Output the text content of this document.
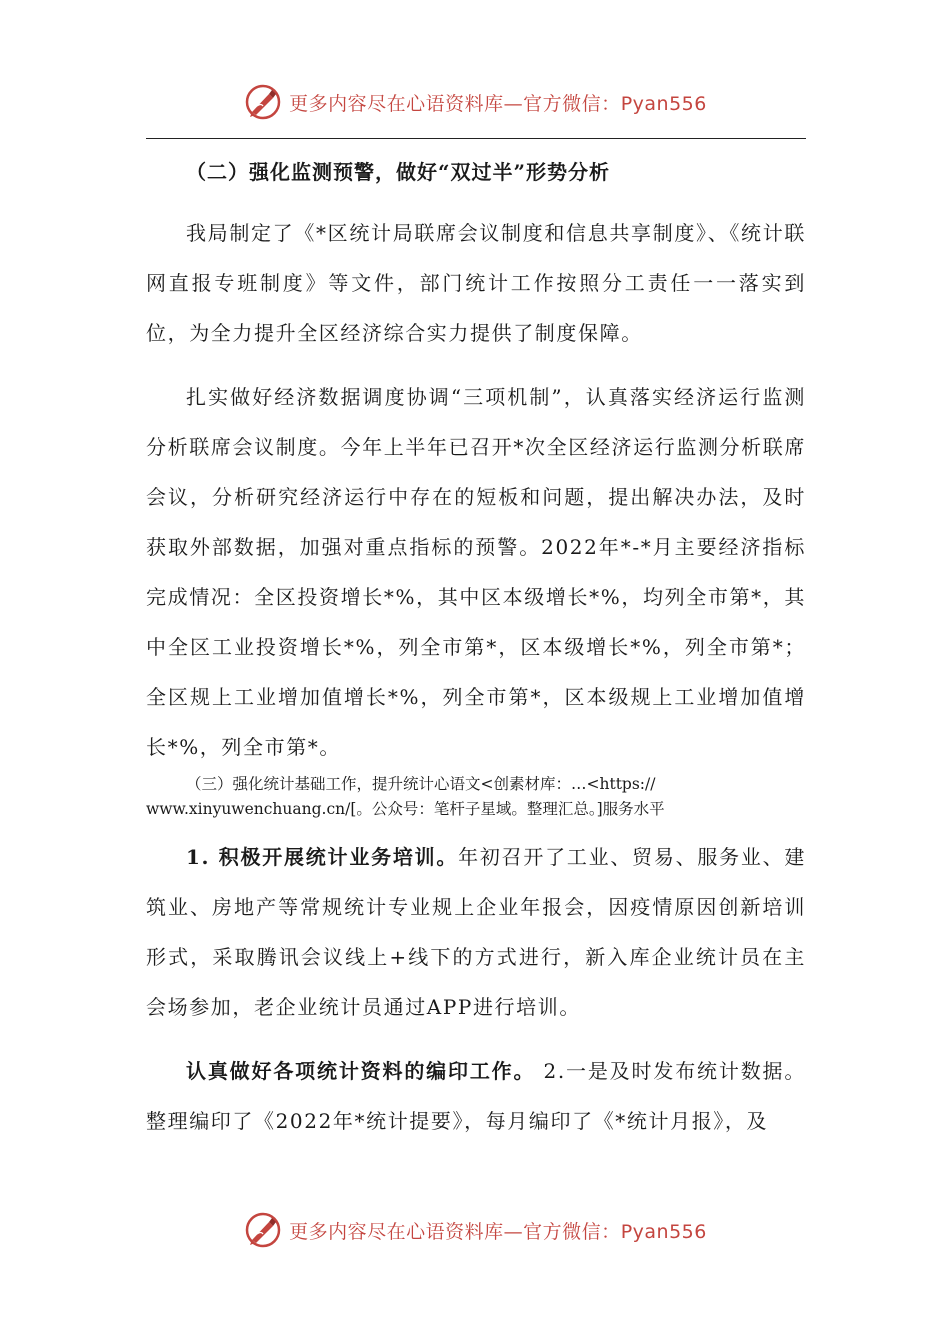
更多内容尽在心语资料库—官方微信：Pyan556

（二）强化监测预警，做好“双过半”形势分析

我局制定了《*区统计局联席会议制度和信息共享制度》、《统计联网直报专班制度》等文件，部门统计工作按照分工责任一一落实到位，为全力提升全区经济综合实力提供了制度保障。

扎实做好经济数据调度协调“三项机制”，认真落实经济运行监测分析联席会议制度。今年上半年已召开*次全区经济运行监测分析联席会议，分析研究经济运行中存在的短板和问题，提出解决办法，及时获取外部数据，加强对重点指标的预警。2022年*-*月主要经济指标完成情况：全区投资增长*%，其中区本级增长*%，均列全市第*，其中全区工业投资增长*%，列全市第*，区本级增长*%，列全市第*；全区规上工业增加值增长*%，列全市第*，区本级规上工业增加值增长*%，列全市第*。

（三）强化统计基础工作，提升统计心语文<创素材库：…<https:// www.xinyuwenchuang.cn/[。公众号：笔杆子星域。整理汇总。]服务水平

1. 积极开展统计业务培训。年初召开了工业、贸易、服务业、建筑业、房地产等常规统计专业规上企业年报会，因疫情原因创新培训形式，采取腾讯会议线上+线下的方式进行，新入库企业统计员在主会场参加，老企业统计员通过APP进行培训。

认真做好各项统计资料的编印工作。 2.一是及时发布统计数据。整理编印了《2022年*统计提要》，每月编印了《*统计月报》，及

更多内容尽在心语资料库—官方微信：Pyan556
